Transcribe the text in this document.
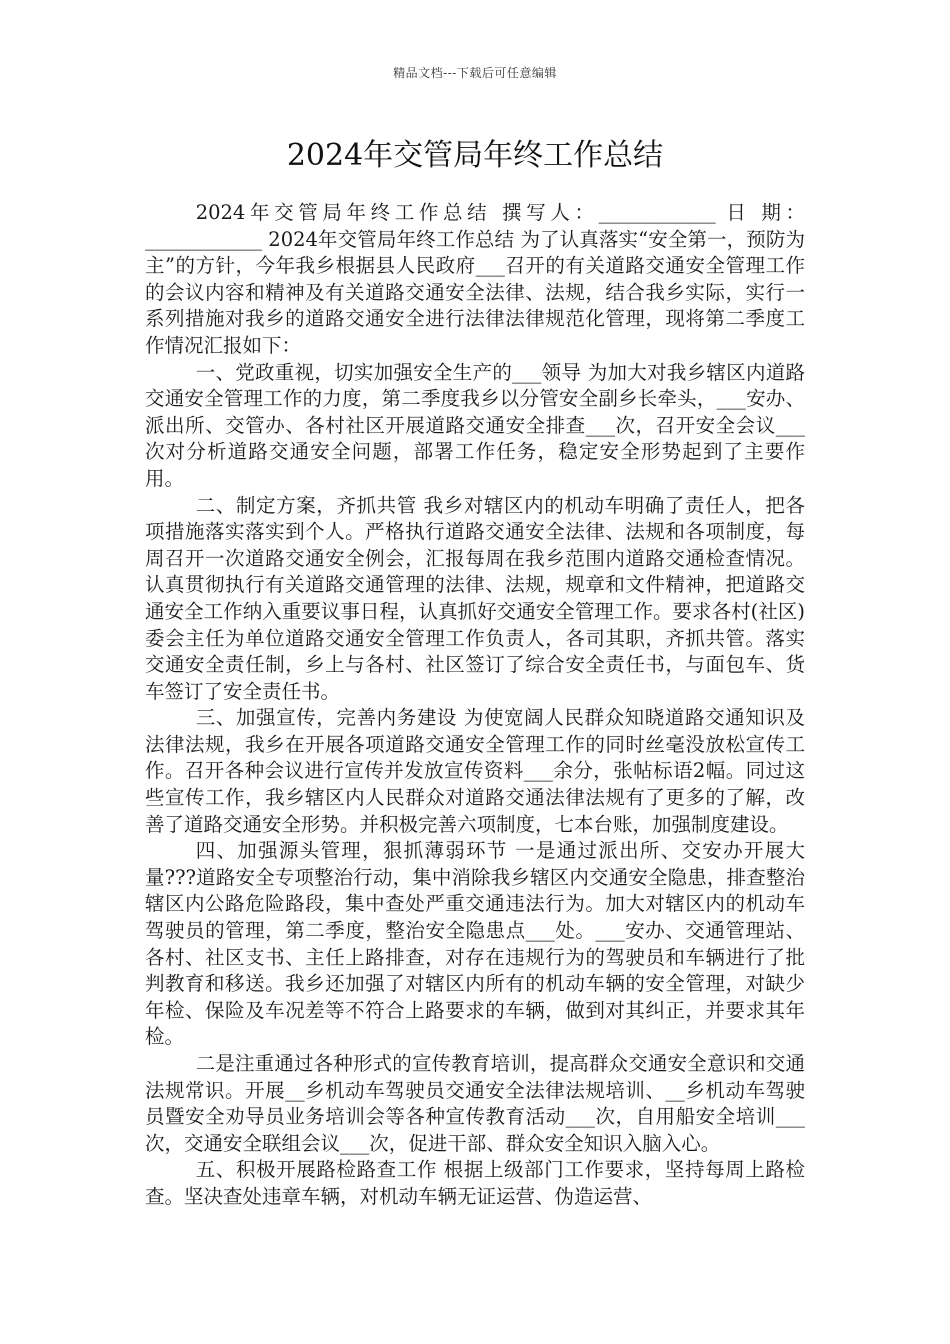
精品文档---下载后可任意编辑
2024年交管局年终工作总结

2024年交管局年终工作总结 撰写人：____________ 日 期：____________ 2024年交管局年终工作总结 为了认真落实“安全第一，预防为主”的方针，今年我乡根据县人民政府___召开的有关道路交通安全管理工作的会议内容和精神及有关道路交通安全法律、法规，结合我乡实际，实行一系列措施对我乡的道路交通安全进行法律法律规范化管理，现将第二季度工作情况汇报如下：

一、党政重视，切实加强安全生产的___领导 为加大对我乡辖区内道路交通安全管理工作的力度，第二季度我乡以分管安全副乡长牵头，___安办、派出所、交管办、各村社区开展道路交通安全排查___次，召开安全会议___次对分析道路交通安全问题，部署工作任务，稳定安全形势起到了主要作用。

二、制定方案，齐抓共管 我乡对辖区内的机动车明确了责任人，把各项措施落实落实到个人。严格执行道路交通安全法律、法规和各项制度，每周召开一次道路交通安全例会，汇报每周在我乡范围内道路交通检查情况。认真贯彻执行有关道路交通管理的法律、法规，规章和文件精神，把道路交通安全工作纳入重要议事日程，认真抓好交通安全管理工作。要求各村(社区)委会主任为单位道路交通安全管理工作负责人，各司其职，齐抓共管。落实交通安全责任制，乡上与各村、社区签订了综合安全责任书，与面包车、货车签订了安全责任书。

三、加强宣传，完善内务建设 为使宽阔人民群众知晓道路交通知识及法律法规，我乡在开展各项道路交通安全管理工作的同时丝毫没放松宣传工作。召开各种会议进行宣传并发放宣传资料___余分，张帖标语2幅。同过这些宣传工作，我乡辖区内人民群众对道路交通法律法规有了更多的了解，改善了道路交通安全形势。并积极完善六项制度，七本台账，加强制度建设。

四、加强源头管理，狠抓薄弱环节 一是通过派出所、交安办开展大量???道路安全专项整治行动，集中消除我乡辖区内交通安全隐患，排查整治辖区内公路危险路段，集中查处严重交通违法行为。加大对辖区内的机动车驾驶员的管理，第二季度，整治安全隐患点___处。___安办、交通管理站、各村、社区支书、主任上路排查，对存在违规行为的驾驶员和车辆进行了批判教育和移送。我乡还加强了对辖区内所有的机动车辆的安全管理，对缺少年检、保险及车况差等不符合上路要求的车辆，做到对其纠正，并要求其年检。

二是注重通过各种形式的宣传教育培训，提高群众交通安全意识和交通法规常识。开展__乡机动车驾驶员交通安全法律法规培训、__乡机动车驾驶员暨安全劝导员业务培训会等各种宣传教育活动___次，自用船安全培训___次，交通安全联组会议___次，促进干部、群众安全知识入脑入心。

五、积极开展路检路查工作 根据上级部门工作要求，坚持每周上路检查。坚决查处违章车辆，对机动车辆无证运营、伪造运营、
